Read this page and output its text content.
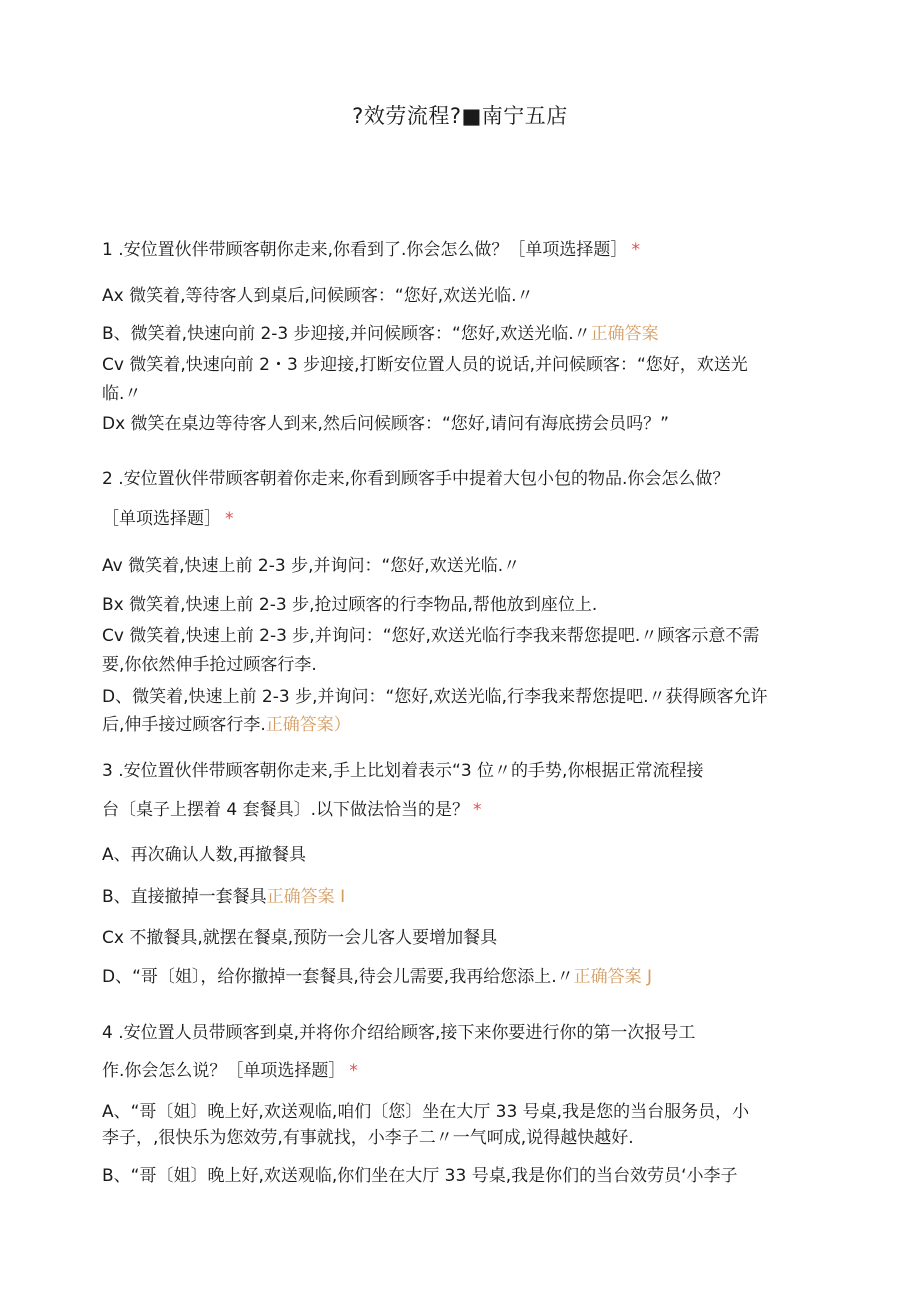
?效劳流程?■南宁五店
1 .安位置伙伴带顾客朝你走来,你看到了.你会怎么做？［单项选择题］ *
Ax 微笑着,等待客人到桌后,问候顾客：“您好,欢送光临.〃
B、微笑着,快速向前 2-3 步迎接,并问候顾客：“您好,欢送光临.〃正确答案
Cv 微笑着,快速向前 2・3 步迎接,打断安位置人员的说话,并问候顾客：“您好，欢送光
临.〃
Dx 微笑在桌边等待客人到来,然后问候顾客：“您好,请问有海底捞会员吗？”
2 .安位置伙伴带顾客朝着你走来,你看到顾客手中提着大包小包的物品.你会怎么做？
［单项选择题］ *
Av 微笑着,快速上前 2-3 步,并询问：“您好,欢送光临.〃
Bx 微笑着,快速上前 2-3 步,抢过顾客的行李物品,帮他放到座位上.
Cv 微笑着,快速上前 2-3 步,并询问：“您好,欢送光临行李我来帮您提吧.〃顾客示意不需
要,你依然伸手抢过顾客行李.
D、微笑着,快速上前 2-3 步,并询问：“您好,欢送光临,行李我来帮您提吧.〃获得顾客允许
后,伸手接过顾客行李.正确答案）
3 .安位置伙伴带顾客朝你走来,手上比划着表示“3 位〃的手势,你根据正常流程接
台〔桌子上摆着 4 套餐具〕.以下做法恰当的是？ *
A、再次确认人数,再撤餐具
B、直接撤掉一套餐具正确答案 I
Cx 不撤餐具,就摆在餐桌,预防一会儿客人要增加餐具
D、“哥〔姐〕，给你撤掉一套餐具,待会儿需要,我再给您添上.〃正确答案 J
4 .安位置人员带顾客到桌,并将你介绍给顾客,接下来你要进行你的第一次报号工
作.你会怎么说？［单项选择题］ *
A、“哥〔姐〕晚上好,欢送观临,咱们〔您〕坐在大厅 33 号桌,我是您的当台服务员，小
李子，,很快乐为您效劳,有事就找，小李子二〃一气呵成,说得越快越好.
B、“哥〔姐〕晚上好,欢送观临,你们坐在大厅 33 号桌,我是你们的当台效劳员‘小李子
